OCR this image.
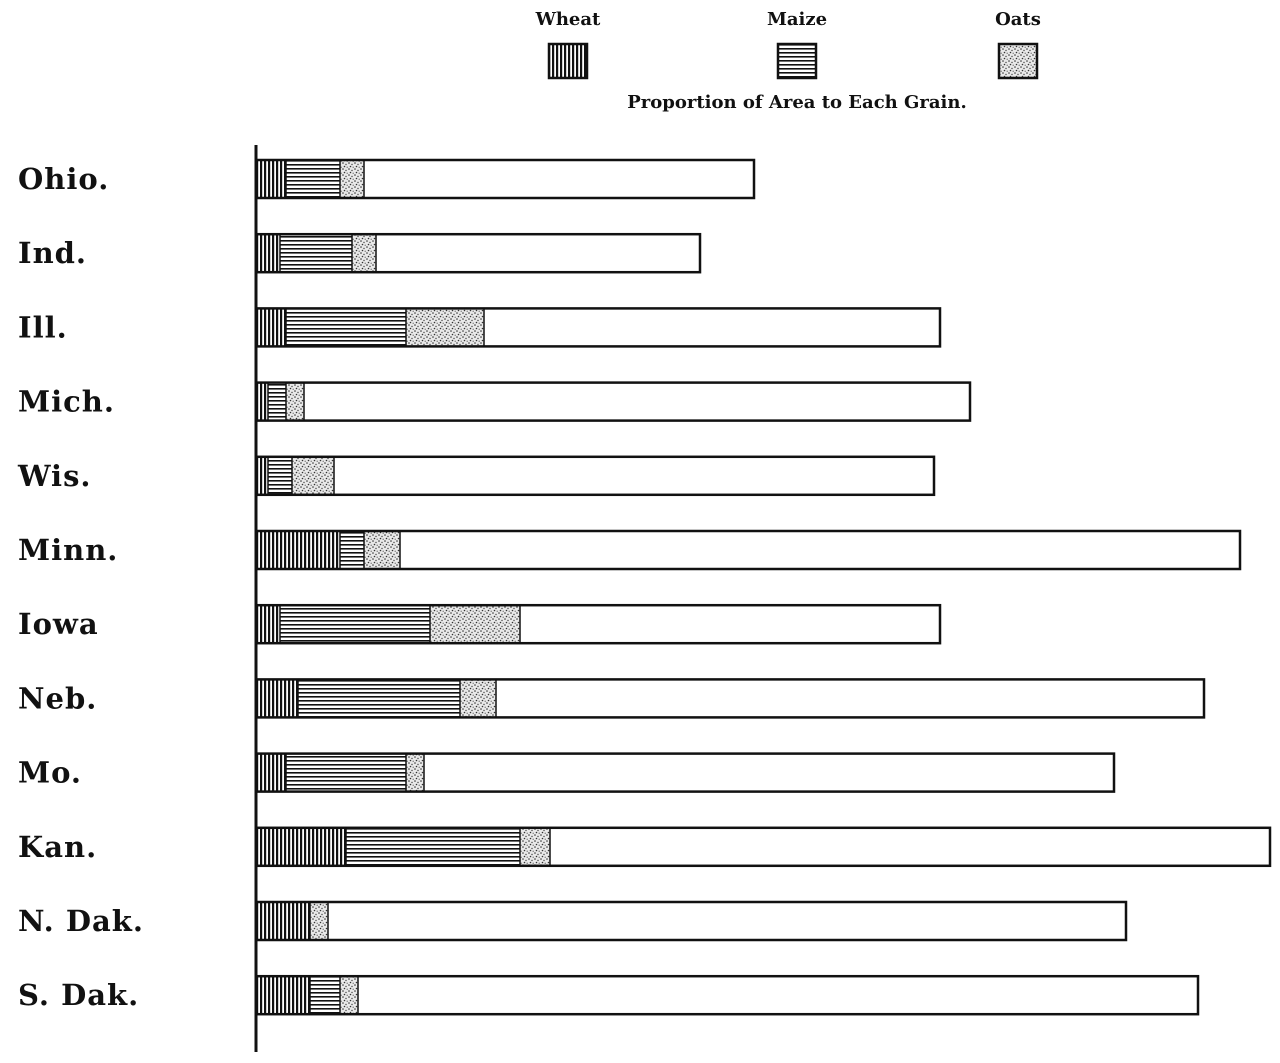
Wheat	Maize	Oats
Proportion of Area to Each Grain.
Ohio.
Ind.
Ill.
Mich.
Wis.
Minn.
Iowa
Neb.
Mo.
Kan.
N. Dak.
S. Dak.
